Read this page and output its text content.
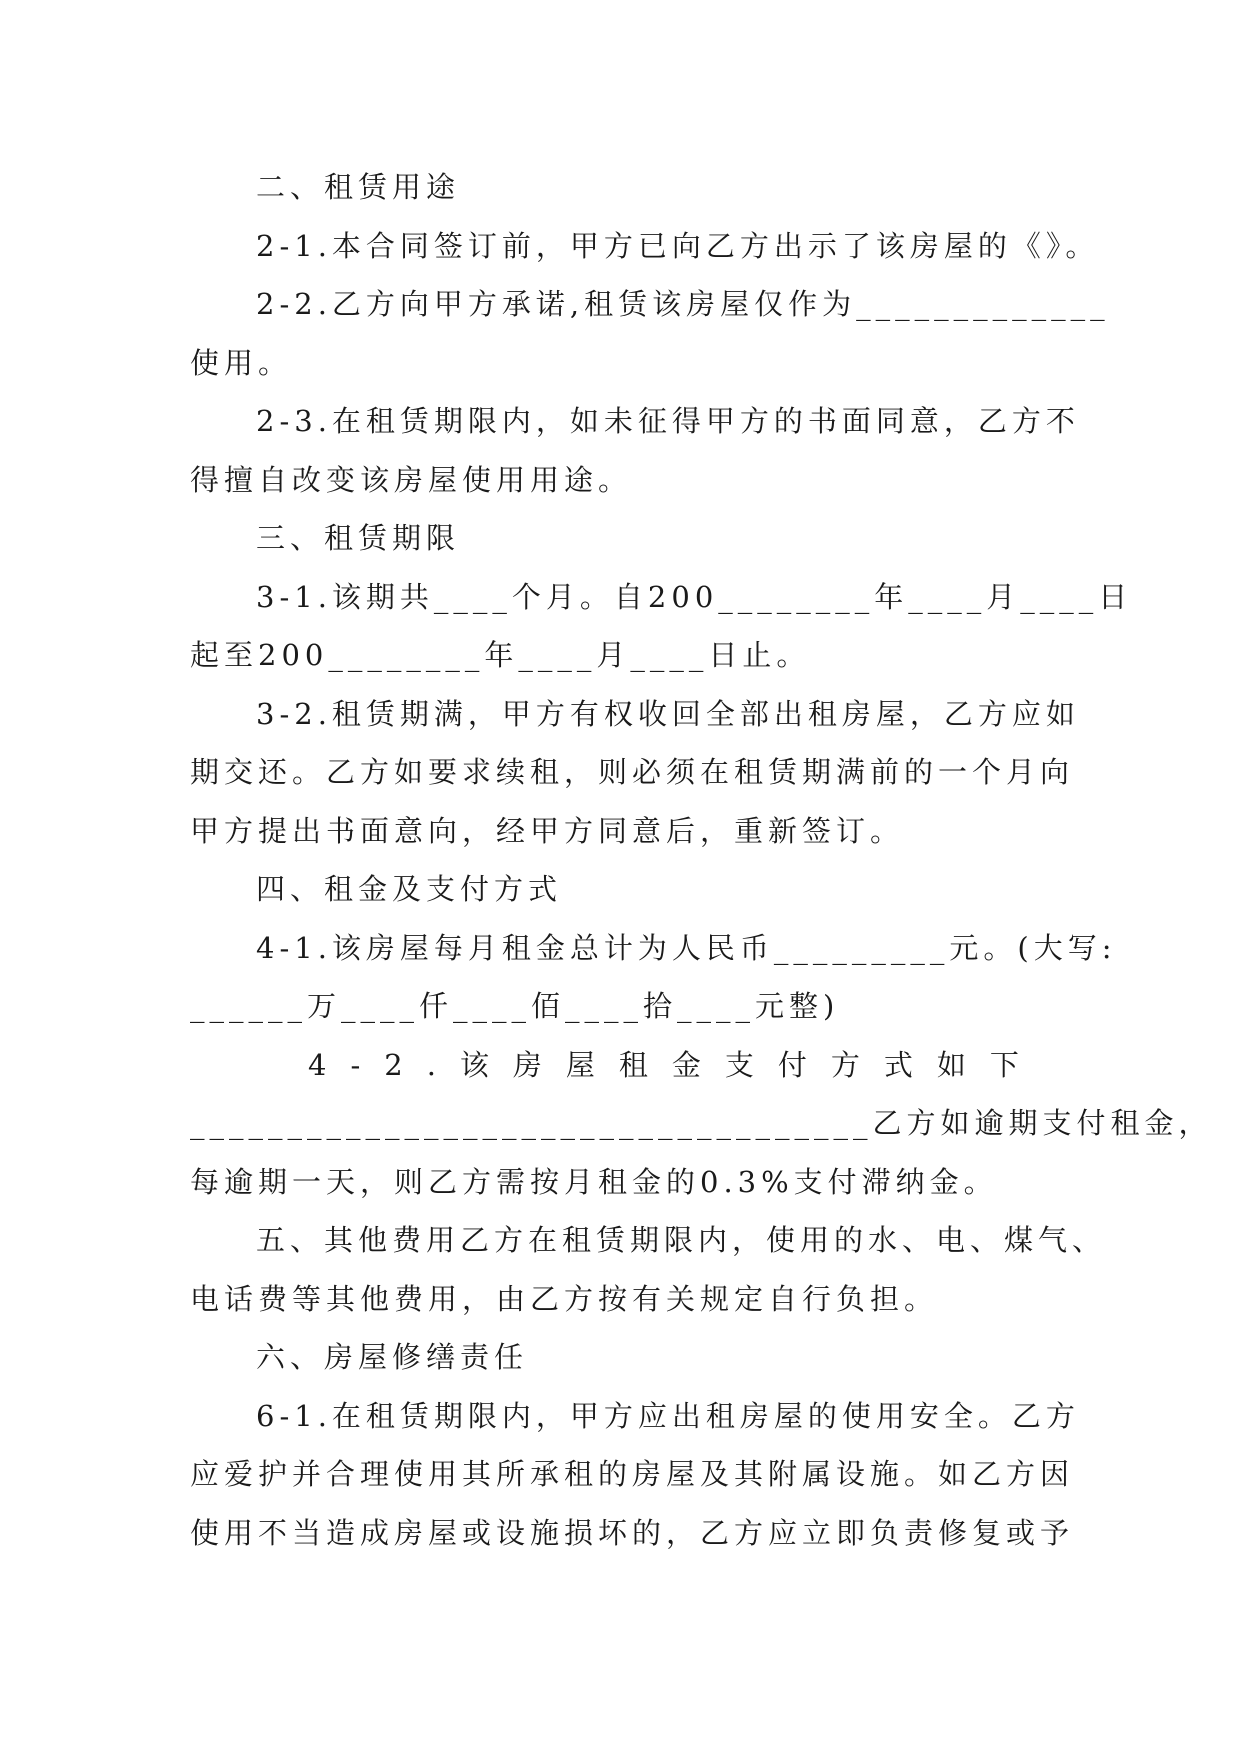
二、租赁用途
2-1.本合同签订前，甲方已向乙方出示了该房屋的《》。
2-2.乙方向甲方承诺,租赁该房屋仅作为_____________
使用。
2-3.在租赁期限内，如未征得甲方的书面同意，乙方不
得擅自改变该房屋使用用途。
三、租赁期限
3-1.该期共____个月。自200________年____月____日
起至200________年____月____日止。
3-2.租赁期满，甲方有权收回全部出租房屋，乙方应如
期交还。乙方如要求续租，则必须在租赁期满前的一个月向
甲方提出书面意向，经甲方同意后，重新签订。
四、租金及支付方式
4-1.该房屋每月租金总计为人民币_________元。(大写:
______万____仟____佰____拾____元整)
4-2.该房屋租金支付方式如下
___________________________________乙方如逾期支付租金，
每逾期一天，则乙方需按月租金的0.3%支付滞纳金。
五、其他费用乙方在租赁期限内，使用的水、电、煤气、
电话费等其他费用，由乙方按有关规定自行负担。
六、房屋修缮责任
6-1.在租赁期限内，甲方应出租房屋的使用安全。乙方
应爱护并合理使用其所承租的房屋及其附属设施。如乙方因
使用不当造成房屋或设施损坏的，乙方应立即负责修复或予
